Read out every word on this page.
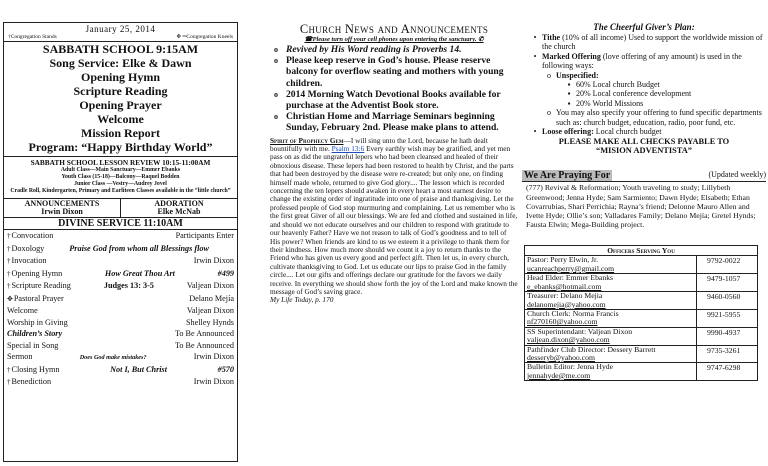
January 25, 2014
†Congregation Stands	✥ ═Congregation Kneels
SABBATH SCHOOL 9:15AM
Song Service: Elke & Dawn
Opening Hymn
Scripture Reading
Opening Prayer
Welcome
Mission Report
Program: “Happy Birthday World”
SABBATH SCHOOL LESSON REVIEW 10:15-11:00AM
Adult Class—Main Sanctuary—Emmer Ebanks
Youth Class (15-18)—Balcony—Raquel Bodden
Junior Class —Vestry—Audrey Jovel
Cradle Roll, Kindergarten, Primary and Earliteen Classes available in the “little church”
ANNOUNCEMENTS
Irwin Dixon
ADORATION
Elke McNab
DIVINE SERVICE 11:10AM
†Convocation	Participants Enter
†Doxology	Praise God from whom all Blessings flow
†Invocation	Irwin Dixon
†Opening Hymn	How Great Thou Art	#499
†Scripture Reading	Judges 13: 3-5	Valjean Dixon
✥Pastoral Prayer	Delano Mejía
Welcome	Valjean Dixon
Worship in Giving	Shelley Hynds
Children’s Story	To Be Announced
Special in Song	To Be Announced
Sermon	Does God make mistakes?	Irwin Dixon
†Closing Hymn	Not I, But Christ	#570
†Benediction	Irwin Dixon
Church News and Announcements
☎Please turn off your cell phones upon entering the sanctuary. ✆
o Revived by His Word reading is Proverbs 14.
o Please keep reserve in God’s house. Please reserve balcony for overflow seating and mothers with young children.
o 2014 Morning Watch Devotional Books available for purchase at the Adventist Book store.
o Christian Home and Marriage Seminars beginning Sunday, February 2nd. Please make plans to attend.
Spirit of Prophecy Gem—I will sing unto the Lord, because he hath dealt bountifully with me. Psalm 13:6 Every earthly wish may be gratified, and yet men pass on as did the ungrateful lepers who had been cleansed and healed of their obnoxious disease. These lepers had been restored to health by Christ, and the parts that had been destroyed by the disease were re-created; but only one, on finding himself made whole, returned to give God glory.... The lesson which is recorded concerning the ten lepers should awaken in every heart a most earnest desire to change the existing order of ingratitude into one of praise and thanksgiving. Let the professed people of God stop murmuring and complaining. Let us remember who is the first great Giver of all our blessings. We are fed and clothed and sustained in life, and should we not educate ourselves and our children to respond with gratitude to our heavenly Father? Have we not reason to talk of God’s goodness and to tell of His power? When friends are kind to us we esteem it a privilege to thank them for their kindness. How much more should we count it a joy to return thanks to the Friend who has given us every good and perfect gift. Then let us, in every church, cultivate thanksgiving to God. Let us educate our lips to praise God in the family circle.... Let our gifts and offerings declare our gratitude for the favors we daily receive. In everything we should show forth the joy of the Lord and make known the message of God’s saving grace.
My Life Today, p. 170
The Cheerful Giver’s Plan:
• Tithe (10% of all income) Used to support the worldwide mission of the church
• Marked Offering (love offering of any amount) is used in the following ways:
o Unspecified:
▪ 60% Local church Budget
▪ 20% Local conference development
▪ 20% World Missions
o You may also specify your offering to fund specific departments such as: church budget, education, radio, poor fund, etc.
• Loose offering: Local church budget
PLEASE MAKE ALL CHECKS PAYABLE TO
“MISION ADVENTISTA”
We Are Praying For	(Updated weekly)
(777) Revival & Reformation; Youth traveling to study; Lillybeth Greenwood; Jenna Hyde; Sam Sarmiento; Dawn Hyde; Elsabeth; Ethan Covarrubias, Shari Perrichia; Rayna’s friend; Delonne Mauro Allen and Ivette Hyde; Ollie’s son; Valladares Family; Delano Mejía; Gretel Hynds; Fausta Elwin; Mega-Building project.
Officers Serving You
Pastor: Perry Elwin, Jr.
ucanreachperry@gmail.com
9792-0022
Head Elder: Emmer Ebanks
e_ebanks@hotmail.com
9479-1057
Treasurer: Delano Mejia
delanomejia@yahoo.com
9460-0560
Church Clerk: Norma Francis
nf270160@yahoo.com
9921-5955
SS Superintendant: Valjean Dixon
valjean.dixon@yahoo.com
9990-4937
Pathfinder Club Director: Dessery Barrett
desseryb@yahoo.com
9735-3261
Bulletin Editor: Jenna Hyde
jennahyde@me.com
9747-6298
